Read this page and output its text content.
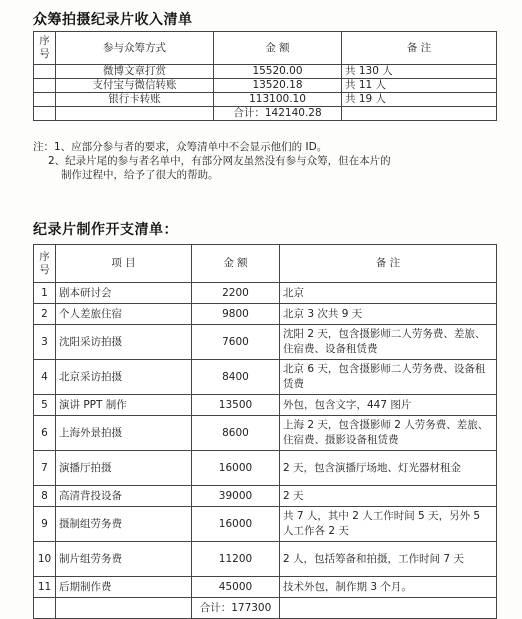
众筹拍摄纪录片收入清单
序号	参与众筹方式	金 额	备 注
	微博文章打赏	15520.00	共 130 人
	支付宝与微信转账	13520.18	共 11 人
	银行卡转账	113100.10	共 19 人
		合计：142140.28	
注：1、应部分参与者的要求，众筹清单中不会显示他们的 ID。
2、纪录片尾的参与者名单中，有部分网友虽然没有参与众筹，但在本片的
制作过程中，给予了很大的帮助。
纪录片制作开支清单：
序号	项 目	金 额	备 注
1	剧本研讨会	2200	北京
2	个人差旅住宿	9800	北京 3 次共 9 天
3	沈阳采访拍摄	7600	沈阳 2 天，包含摄影师二人劳务费、差旅、住宿费、设备租赁费
4	北京采访拍摄	8400	北京 6 天，包含摄影师二人劳务费、设备租赁费
5	演讲 PPT 制作	13500	外包，包含文字，447 图片
6	上海外景拍摄	8600	上海 2 天，包含摄影师 2 人劳务费、差旅、住宿费、摄影设备租赁费
7	演播厅拍摄	16000	2 天，包含演播厅场地、灯光器材租金
8	高清背投设备	39000	2 天
9	摄制组劳务费	16000	共 7 人，其中 2 人工作时间 5 天，另外 5 人工作各 2 天
10	制片组劳务费	11200	2 人，包括筹备和拍摄，工作时间 7 天
11	后期制作费	45000	技术外包，制作期 3 个月。
		合计：177300	
